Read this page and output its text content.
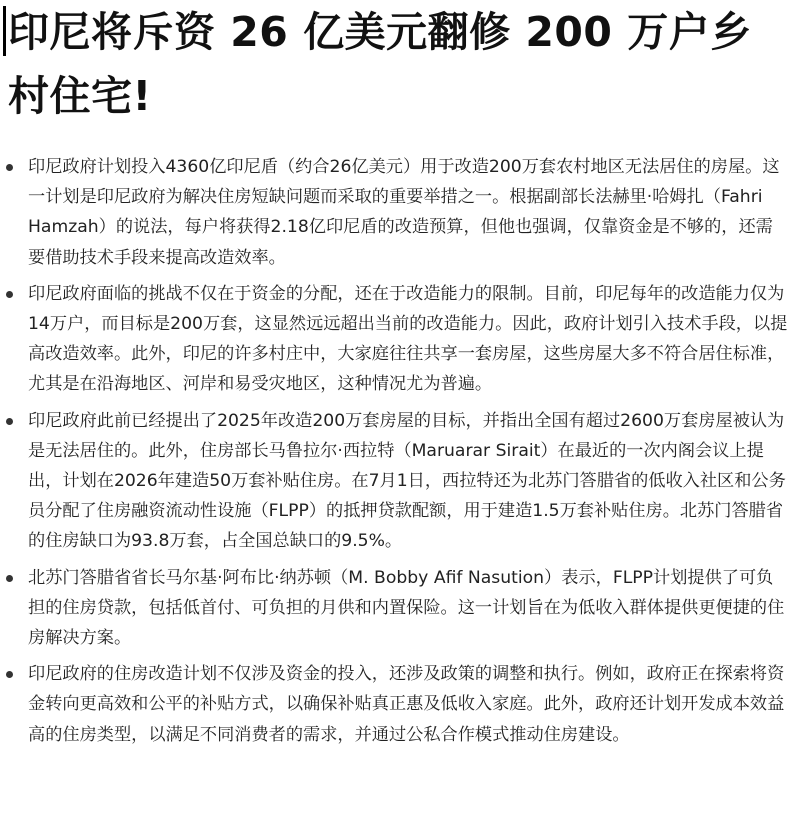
印尼将斥资 26 亿美元翻修 200 万户乡村住宅!
印尼政府计划投入4360亿印尼盾（约合26亿美元）用于改造200万套农村地区无法居住的房屋。这一计划是印尼政府为解决住房短缺问题而采取的重要举措之一。根据副部长法赫里·哈姆扎（Fahri Hamzah）的说法，每户将获得2.18亿印尼盾的改造预算，但他也强调，仅靠资金是不够的，还需要借助技术手段来提高改造效率。
印尼政府面临的挑战不仅在于资金的分配，还在于改造能力的限制。目前，印尼每年的改造能力仅为14万户，而目标是200万套，这显然远远超出当前的改造能力。因此，政府计划引入技术手段，以提高改造效率。此外，印尼的许多村庄中，大家庭往往共享一套房屋，这些房屋大多不符合居住标准，尤其是在沿海地区、河岸和易受灾地区，这种情况尤为普遍。
印尼政府此前已经提出了2025年改造200万套房屋的目标，并指出全国有超过2600万套房屋被认为是无法居住的。此外，住房部长马鲁拉尔·西拉特（Maruarar Sirait）在最近的一次内阁会议上提出，计划在2026年建造50万套补贴住房。在7月1日，西拉特还为北苏门答腊省的低收入社区和公务员分配了住房融资流动性设施（FLPP）的抵押贷款配额，用于建造1.5万套补贴住房。北苏门答腊省的住房缺口为93.8万套，占全国总缺口的9.5%。
北苏门答腊省省长马尔基·阿布比·纳苏顿（M. Bobby Afif Nasution）表示，FLPP计划提供了可负担的住房贷款，包括低首付、可负担的月供和内置保险。这一计划旨在为低收入群体提供更便捷的住房解决方案。
印尼政府的住房改造计划不仅涉及资金的投入，还涉及政策的调整和执行。例如，政府正在探索将资金转向更高效和公平的补贴方式，以确保补贴真正惠及低收入家庭。此外，政府还计划开发成本效益高的住房类型，以满足不同消费者的需求，并通过公私合作模式推动住房建设。
